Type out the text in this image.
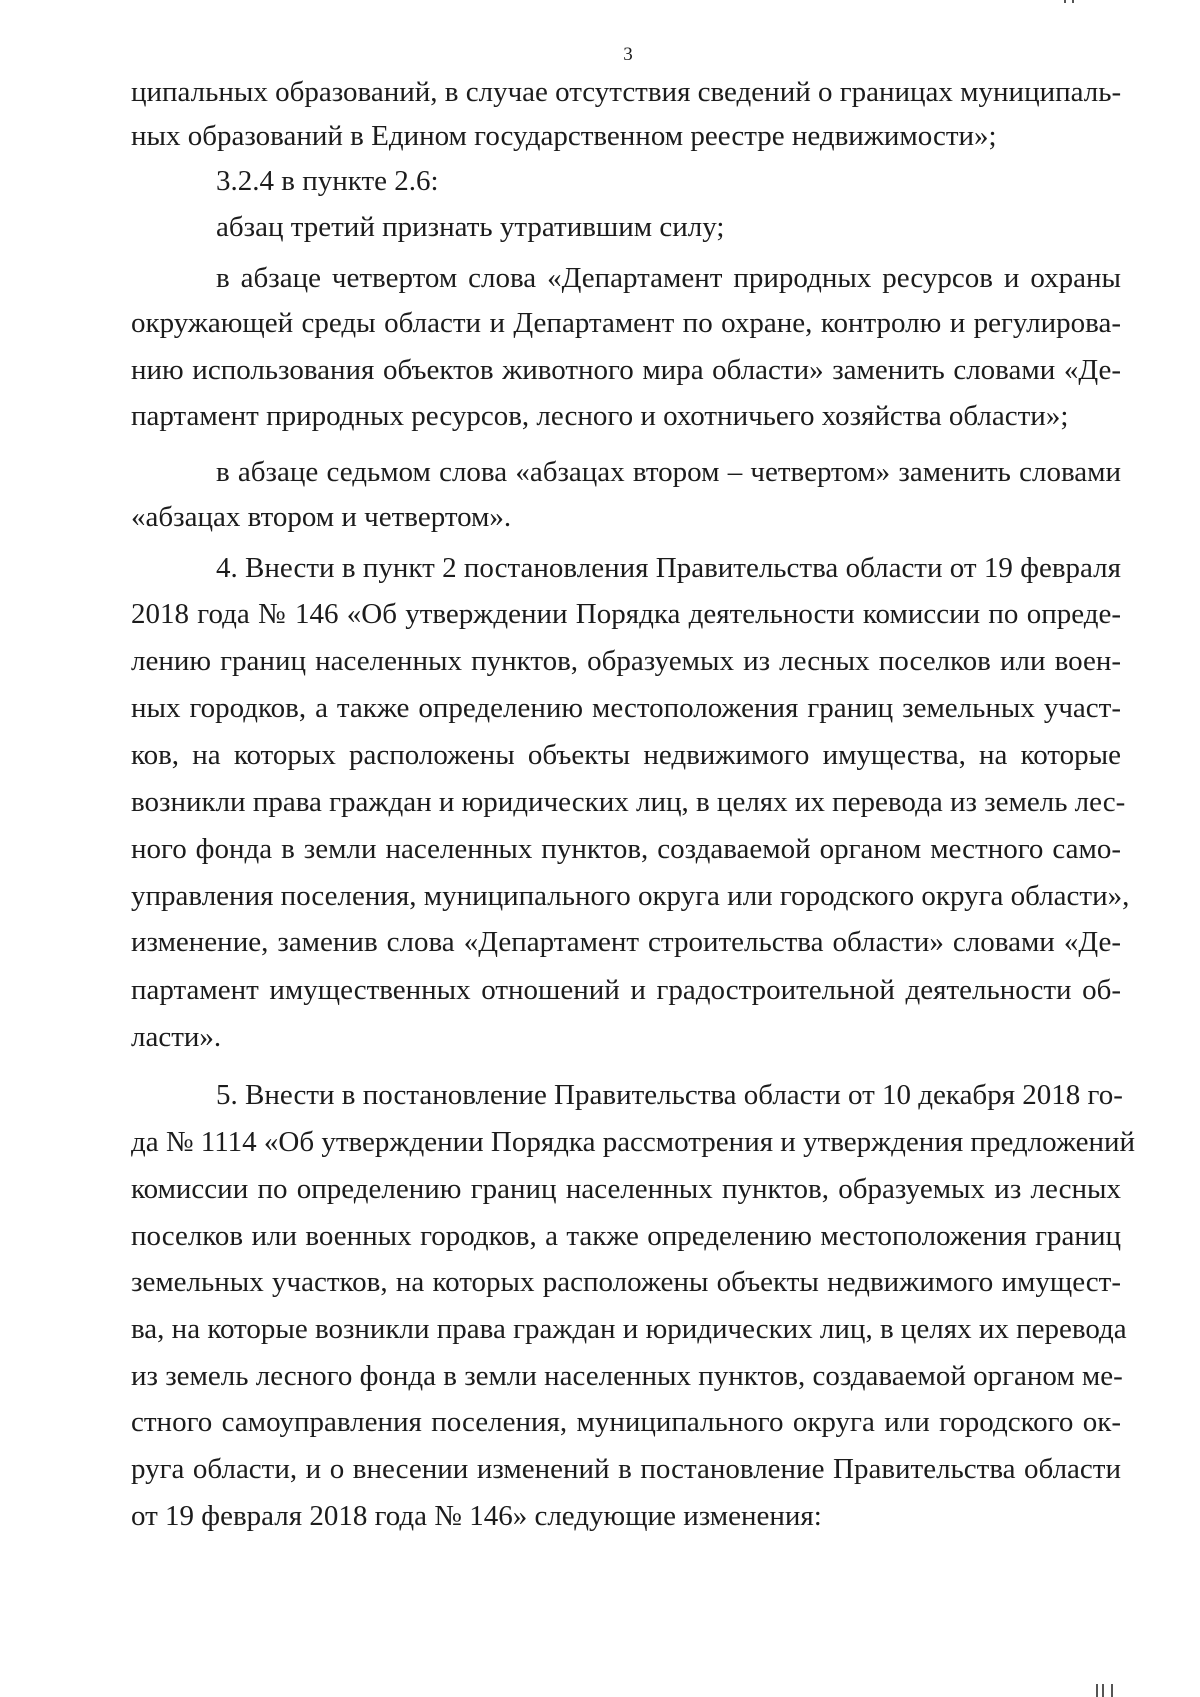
3
ципальных образований, в случае отсутствия сведений о границах муниципаль-
ных образований в Едином государственном реестре недвижимости»;
3.2.4 в пункте 2.6:
абзац третий признать утратившим силу;
в абзаце четвертом слова «Департамент природных ресурсов и охраны
окружающей среды области и Департамент по охране, контролю и регулирова-
нию использования объектов животного мира области» заменить словами «Де-
партамент природных ресурсов, лесного и охотничьего хозяйства области»;
в абзаце седьмом слова «абзацах втором – четвертом» заменить словами
«абзацах втором и четвертом».
4. Внести в пункт 2 постановления Правительства области от 19 февраля
2018 года № 146 «Об утверждении Порядка деятельности комиссии по опреде-
лению границ населенных пунктов, образуемых из лесных поселков или воен-
ных городков, а также определению местоположения границ земельных участ-
ков, на которых расположены объекты недвижимого имущества, на которые
возникли права граждан и юридических лиц, в целях их перевода из земель лес-
ного фонда в земли населенных пунктов, создаваемой органом местного само-
управления поселения, муниципального округа или городского округа области»,
изменение, заменив слова «Департамент строительства области» словами «Де-
партамент имущественных отношений и градостроительной деятельности об-
ласти».
5. Внести в постановление Правительства области от 10 декабря 2018 го-
да № 1114 «Об утверждении Порядка рассмотрения и утверждения предложений
комиссии по определению границ населенных пунктов, образуемых из лесных
поселков или военных городков, а также определению местоположения границ
земельных участков, на которых расположены объекты недвижимого имущест-
ва, на которые возникли права граждан и юридических лиц, в целях их перевода
из земель лесного фонда в земли населенных пунктов, создаваемой органом ме-
стного самоуправления поселения, муниципального округа или городского ок-
руга области, и о внесении изменений в постановление Правительства области
от 19 февраля 2018 года № 146» следующие изменения:
